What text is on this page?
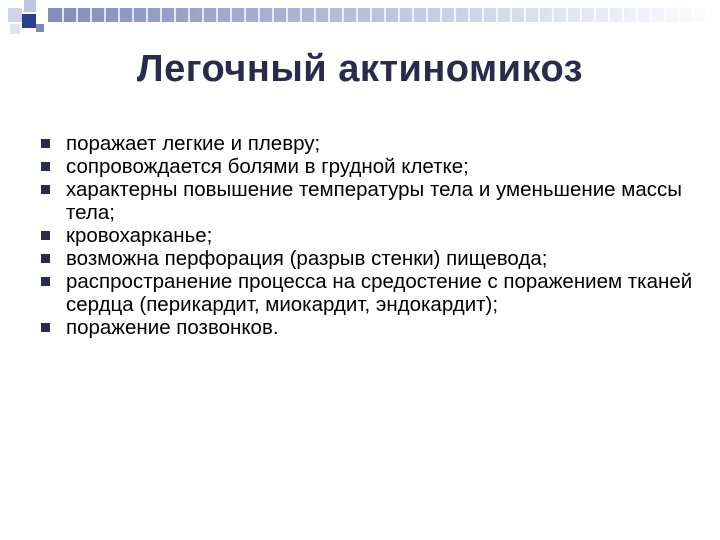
Легочный актиномикоз
поражает легкие и плевру;
сопровождается болями в грудной клетке;
характерны повышение температуры тела и уменьшение массы тела;
кровохарканье;
возможна перфорация (разрыв стенки) пищевода;
распространение процесса на средостение с поражением тканей сердца (перикардит, миокардит, эндокардит);
поражение позвонков.
